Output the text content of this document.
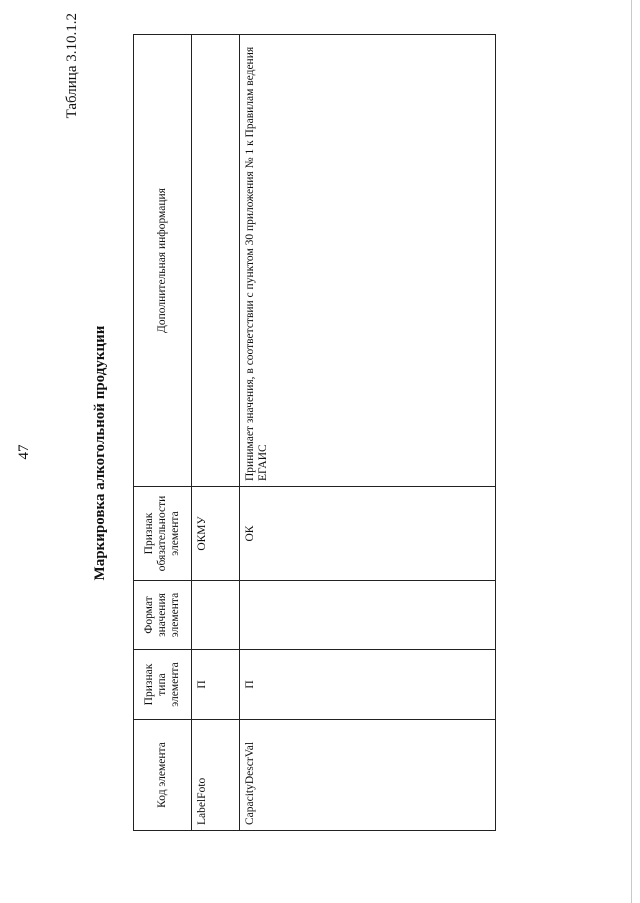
47
Таблица 3.10.1.2
Маркировка алкогольной продукции
Код элемента	Признак типа элемента	Формат значения элемента	Признак обязательности элемента	Дополнительная информация
LabelFoto	П		ОКМУ	
CapacityDescrVal	П		ОК	Принимает значения, в соответствии с пунктом 30 приложения № 1 к Правилам ведения ЕГАИС
